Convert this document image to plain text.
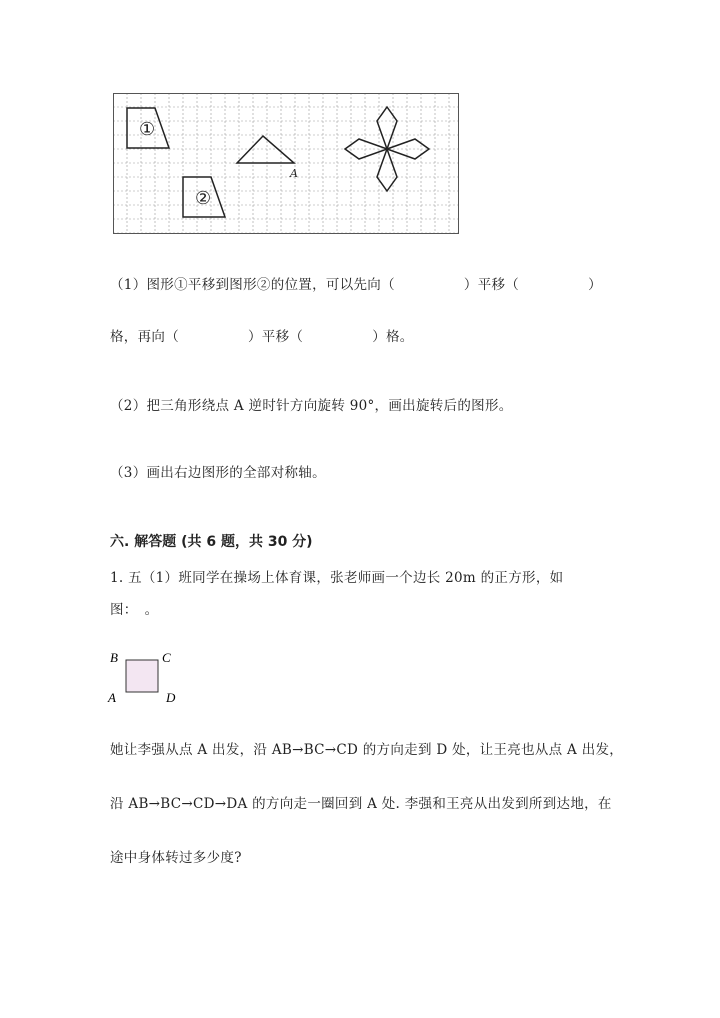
①
②
A
（1）图形①平移到图形②的位置，可以先向（　　　　　）平移（　　　　　）
格，再向（　　　　　）平移（　　　　　）格。
（2）把三角形绕点 A 逆时针方向旋转 90°，画出旋转后的图形。
（3）画出右边图形的全部对称轴。
六. 解答题 (共 6 题，共 30 分)
1. 五（1）班同学在操场上体育课，张老师画一个边长 20m 的正方形，如
图：　。
B	C
A	D
她让李强从点 A 出发，沿 AB→BC→CD 的方向走到 D 处，让王亮也从点 A 出发，
沿 AB→BC→CD→DA 的方向走一圈回到 A 处. 李强和王亮从出发到所到达地，在
途中身体转过多少度?
